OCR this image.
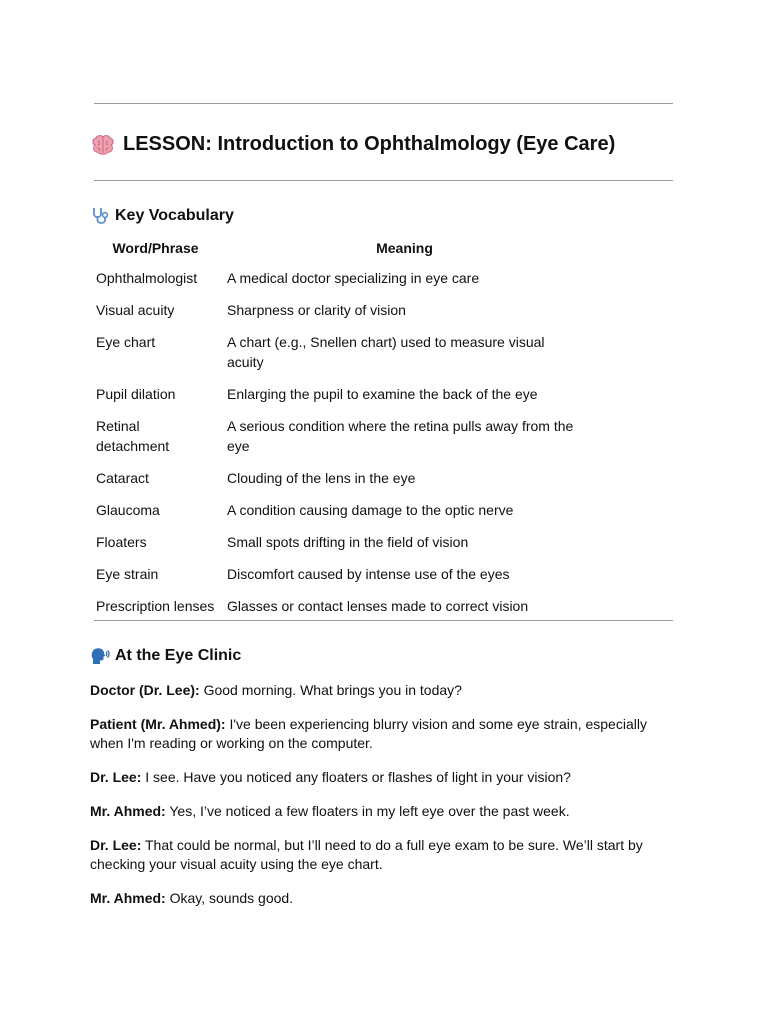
LESSON: Introduction to Ophthalmology (Eye Care)
Key Vocabulary
Word/Phrase	Meaning
Ophthalmologist	A medical doctor specializing in eye care
Visual acuity	Sharpness or clarity of vision
Eye chart	A chart (e.g., Snellen chart) used to measure visual acuity
Pupil dilation	Enlarging the pupil to examine the back of the eye
Retinal detachment	A serious condition where the retina pulls away from the eye
Cataract	Clouding of the lens in the eye
Glaucoma	A condition causing damage to the optic nerve
Floaters	Small spots drifting in the field of vision
Eye strain	Discomfort caused by intense use of the eyes
Prescription lenses	Glasses or contact lenses made to correct vision
At the Eye Clinic

Doctor (Dr. Lee): Good morning. What brings you in today?

Patient (Mr. Ahmed): I've been experiencing blurry vision and some eye strain, especially when I'm reading or working on the computer.

Dr. Lee: I see. Have you noticed any floaters or flashes of light in your vision?

Mr. Ahmed: Yes, I’ve noticed a few floaters in my left eye over the past week.

Dr. Lee: That could be normal, but I’ll need to do a full eye exam to be sure. We’ll start by checking your visual acuity using the eye chart.

Mr. Ahmed: Okay, sounds good.
